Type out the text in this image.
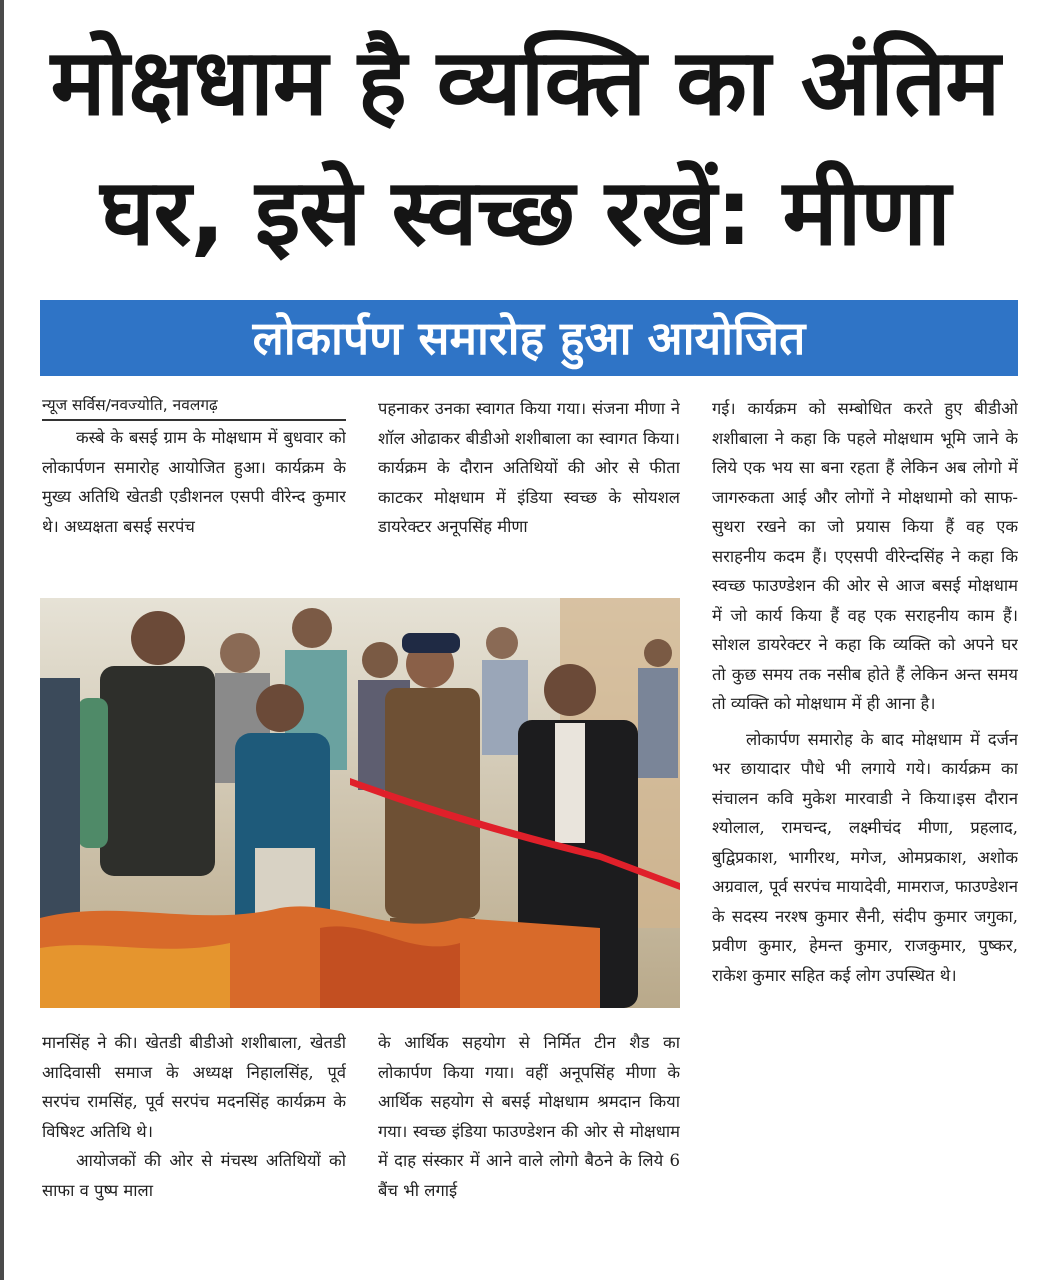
मोक्षधाम है व्यक्ति का अंतिम
घर, इसे स्वच्छ रखें: मीणा
लोकार्पण समारोह हुआ आयोजित
न्यूज सर्विस/नवज्योति, नवलगढ़

कस्बे के बसई ग्राम के मोक्षधाम में बुधवार को लोकार्पणन समारोह आयोजित हुआ। कार्यक्रम के मुख्य अतिथि खेतडी एडीशनल एसपी वीरेन्द कुमार थे। अध्यक्षता बसई सरपंच

पहनाकर उनका स्वागत किया गया। संजना मीणा ने शॉल ओढाकर बीडीओ शशीबाला का स्वागत किया।कार्यक्रम के दौरान अतिथियों की ओर से फीता काटकर मोक्षधाम में इंडिया स्वच्छ के सोयशल डायरेक्टर अनूपसिंह मीणा

गई। कार्यक्रम को सम्बोधित करते हुए बीडीओ शशीबाला ने कहा कि पहले मोक्षधाम भूमि जाने के लिये एक भय सा बना रहता हैं लेकिन अब लोगो में जागरुकता आई और लोगों ने मोक्षधामो को साफ-सुथरा रखने का जो प्रयास किया हैं वह एक सराहनीय कदम हैं। एएसपी वीरेन्दसिंह ने कहा कि स्वच्छ फाउण्डेशन की ओर से आज बसई मोक्षधाम में जो कार्य किया हैं वह एक सराहनीय काम हैं। सोशल डायरेक्टर ने कहा कि व्यक्ति को अपने घर तो कुछ समय तक नसीब होते हैं लेकिन अन्त समय तो व्यक्ति को मोक्षधाम में ही आना है।

लोकार्पण समारोह के बाद मोक्षधाम में दर्जन भर छायादार पौधे भी लगाये गये। कार्यक्रम का संचालन कवि मुकेश मारवाडी ने किया।इस दौरान श्योलाल, रामचन्द, लक्ष्मीचंद मीणा, प्रहलाद, बुद्विप्रकाश, भागीरथ, मगेज, ओमप्रकाश, अशोक अग्रवाल, पूर्व सरपंच मायादेवी, मामराज, फाउण्डेशन के सदस्य नरश्ष कुमार सैनी, संदीप कुमार जगुका, प्रवीण कुमार, हेमन्त कुमार, राजकुमार, पुष्कर, राकेश कुमार सहित कई लोग उपस्थित थे।

मानसिंह ने की। खेतडी बीडीओ शशीबाला, खेतडी आदिवासी समाज के अध्यक्ष निहालसिंह, पूर्व सरपंच रामसिंह, पूर्व सरपंच मदनसिंह कार्यक्रम के विषिश्ट अतिथि थे।

आयोजकों की ओर से मंचस्थ अतिथियों को साफा व पुष्प माला

के आर्थिक सहयोग से निर्मित टीन शैड का लोकार्पण किया गया। वहीं अनूपसिंह मीणा के आर्थिक सहयोग से बसई मोक्षधाम श्रमदान किया गया। स्वच्छ इंडिया फाउण्डेशन की ओर से मोक्षधाम में दाह संस्कार में आने वाले लोगो बैठने के लिये 6 बैंच भी लगाई
